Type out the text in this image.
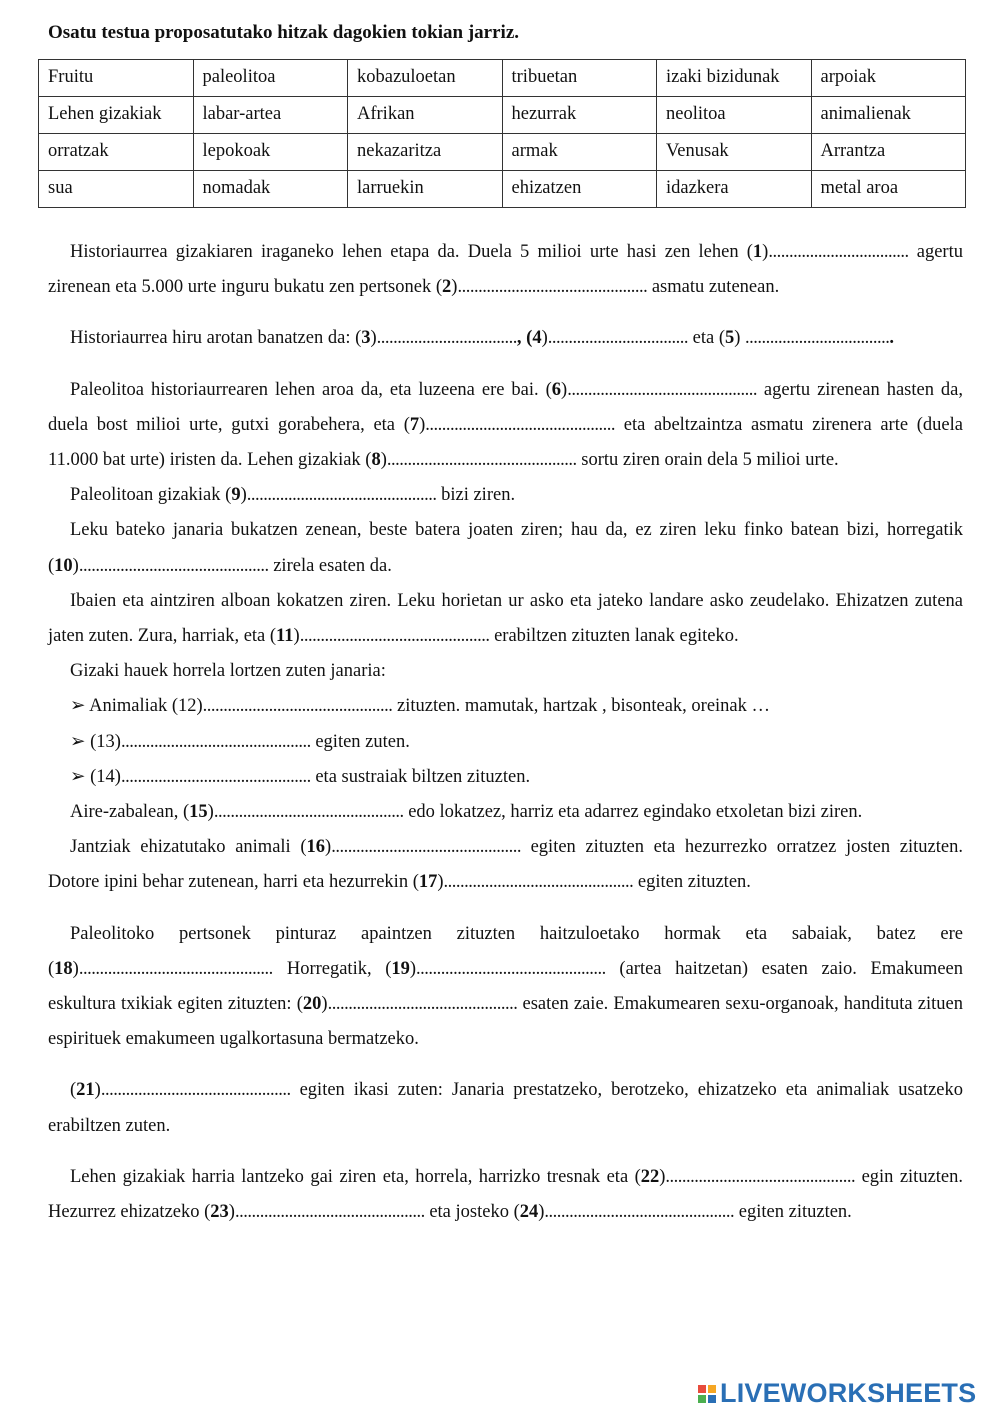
Osatu testua proposatutako hitzak dagokien tokian jarriz.

Fruitu	paleolitoa	kobazuloetan	tribuetan	izaki bizidunak	arpoiak
Lehen gizakiak	labar-artea	Afrikan	hezurrak	neolitoa	animalienak
orratzak	lepokoak	nekazaritza	armak	Venusak	Arrantza
sua	nomadak	larruekin	ehizatzen	idazkera	metal aroa

Historiaurrea gizakiaren iraganeko lehen etapa da. Duela 5 milioi urte hasi zen lehen (1).................................. agertu zirenean eta 5.000 urte inguru bukatu zen pertsonek (2).............................................. asmatu zutenean.

Historiaurrea hiru arotan banatzen da: (3).................................., (4).................................. eta (5) ....................................

Paleolitoa historiaurrearen lehen aroa da, eta luzeena ere bai. (6).............................................. agertu zirenean hasten da, duela bost milioi urte, gutxi gorabehera, eta (7).............................................. eta abeltzaintza asmatu zirenera arte (duela 11.000 bat urte) iristen da. Lehen gizakiak (8).............................................. sortu ziren orain dela 5 milioi urte.

Paleolitoan gizakiak (9).............................................. bizi ziren.

Leku bateko janaria bukatzen zenean, beste batera joaten ziren; hau da, ez ziren leku finko batean bizi, horregatik (10).............................................. zirela esaten da.

Ibaien eta aintziren alboan kokatzen ziren. Leku horietan ur asko eta jateko landare asko zeudelako. Ehizatzen zutena jaten zuten. Zura, harriak, eta (11).............................................. erabiltzen zituzten lanak egiteko.

Gizaki hauek horrela lortzen zuten janaria:

➢ Animaliak (12).............................................. zituzten. mamutak, hartzak , bisonteak, oreinak …

➢ (13).............................................. egiten zuten.

➢ (14).............................................. eta sustraiak biltzen zituzten.

Aire-zabalean, (15).............................................. edo lokatzez, harriz eta adarrez egindako etxoletan bizi ziren.

Jantziak ehizatutako animali (16).............................................. egiten zituzten eta hezurrezko orratzez josten zituzten. Dotore ipini behar zutenean, harri eta hezurrekin (17).............................................. egiten zituzten.

Paleolitoko pertsonek pinturaz apaintzen zituzten haitzuloetako hormak eta sabaiak, batez ere (18)............................................... Horregatik, (19).............................................. (artea haitzetan) esaten zaio. Emakumeen eskultura txikiak egiten zituzten: (20).............................................. esaten zaie. Emakumearen sexu-organoak, handituta zituen espirituek emakumeen ugalkortasuna bermatzeko.

(21).............................................. egiten ikasi zuten: Janaria prestatzeko, berotzeko, ehizatzeko eta animaliak usatzeko erabiltzen zuten.

Lehen gizakiak harria lantzeko gai ziren eta, horrela, harrizko tresnak eta (22).............................................. egin zituzten. Hezurrez ehizatzeko (23).............................................. eta josteko (24).............................................. egiten zituzten.

LIVEWORKSHEETS
